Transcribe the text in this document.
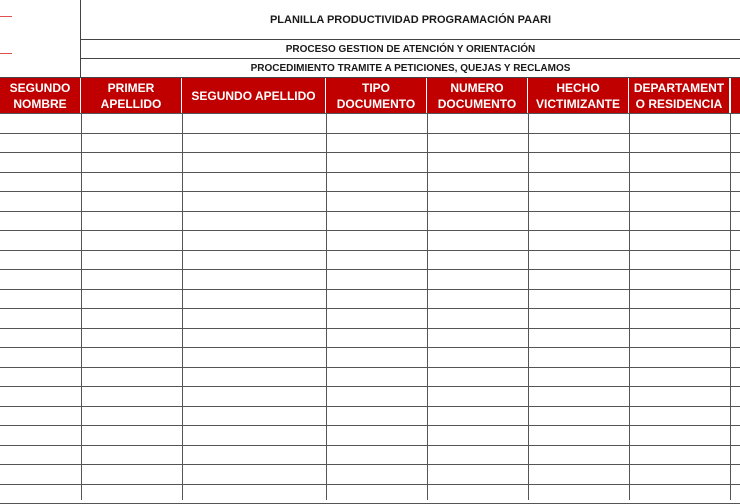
PLANILLA PRODUCTIVIDAD PROGRAMACIÓN PAARI
PROCESO GESTION DE ATENCIÓN Y ORIENTACIÓN
PROCEDIMIENTO TRAMITE A PETICIONES, QUEJAS Y RECLAMOS
SEGUNDO
NOMBRE
PRIMER
APELLIDO
SEGUNDO APELLIDO
TIPO
DOCUMENTO
NUMERO
DOCUMENTO
HECHO
VICTIMIZANTE
DEPARTAMENT
O RESIDENCIA
